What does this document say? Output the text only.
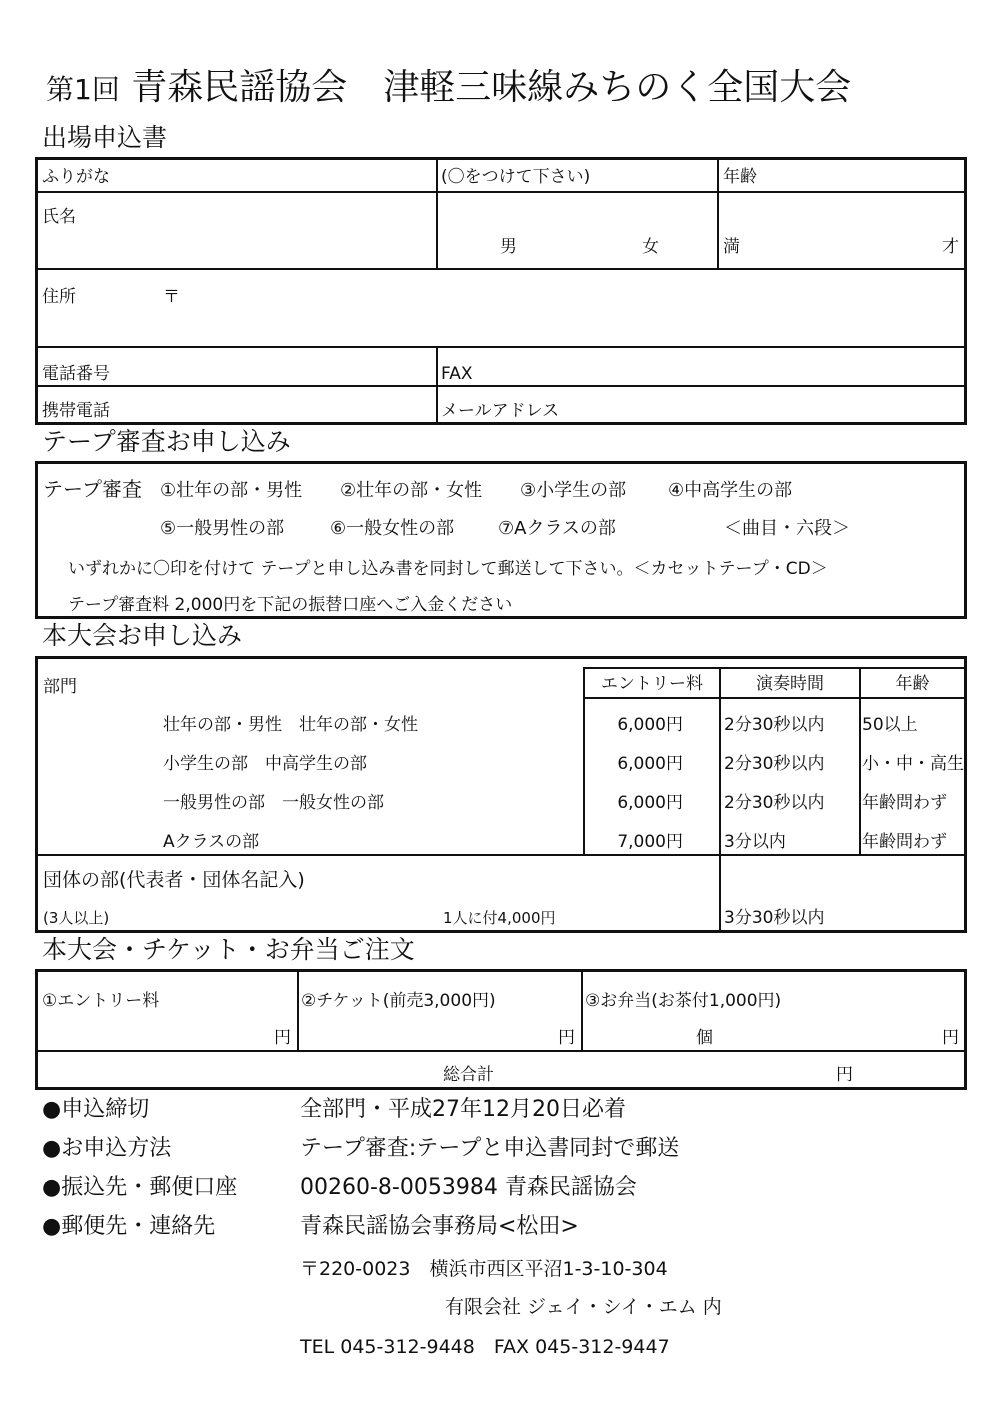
第1回 青森民謡協会　津軽三味線みちのく全国大会
出場申込書
ふりがな	(〇をつけて下さい)	年齢
氏名
男	女	満	才
住所	〒
電話番号	FAX
携帯電話	メールアドレス
テープ審査お申し込み
テープ審査 ①壮年の部・男性 ②壮年の部・女性 ③小学生の部 ④中高学生の部
⑤一般男性の部	⑥一般女性の部 ⑦Aクラスの部	＜曲目・六段＞
いずれかに〇印を付けて テープと申し込み書を同封して郵送して下さい。＜カセットテープ・CD＞
テープ審査料 2,000円を下記の振替口座へご入金ください
本大会お申し込み
部門	エントリー料	演奏時間	年齢
壮年の部・男性　壮年の部・女性	6,000円 2分30秒以内 50以上
小学生の部　中高学生の部	6,000円 2分30秒以内 小・中・高生
一般男性の部　一般女性の部	6,000円 2分30秒以内 年齢問わず
Aクラスの部	7,000円 3分以内	年齢問わず
団体の部(代表者・団体名記入)
(3人以上)	1人に付4,000円	3分30秒以内
本大会・チケット・お弁当ご注文
①エントリー料	②チケット(前売3,000円)	③お弁当(お茶付1,000円)
円	円	個	円
総合計	円
●申込締切	全部門・平成27年12月20日必着
●お申込方法	テープ審査:テープと申込書同封で郵送
●振込先・郵便口座	00260-8-0053984 青森民謡協会
●郵便先・連絡先	青森民謡協会事務局<松田>
〒220-0023　横浜市西区平沼1-3-10-304
有限会社 ジェイ・シイ・エム 内
TEL 045-312-9448　FAX 045-312-9447
